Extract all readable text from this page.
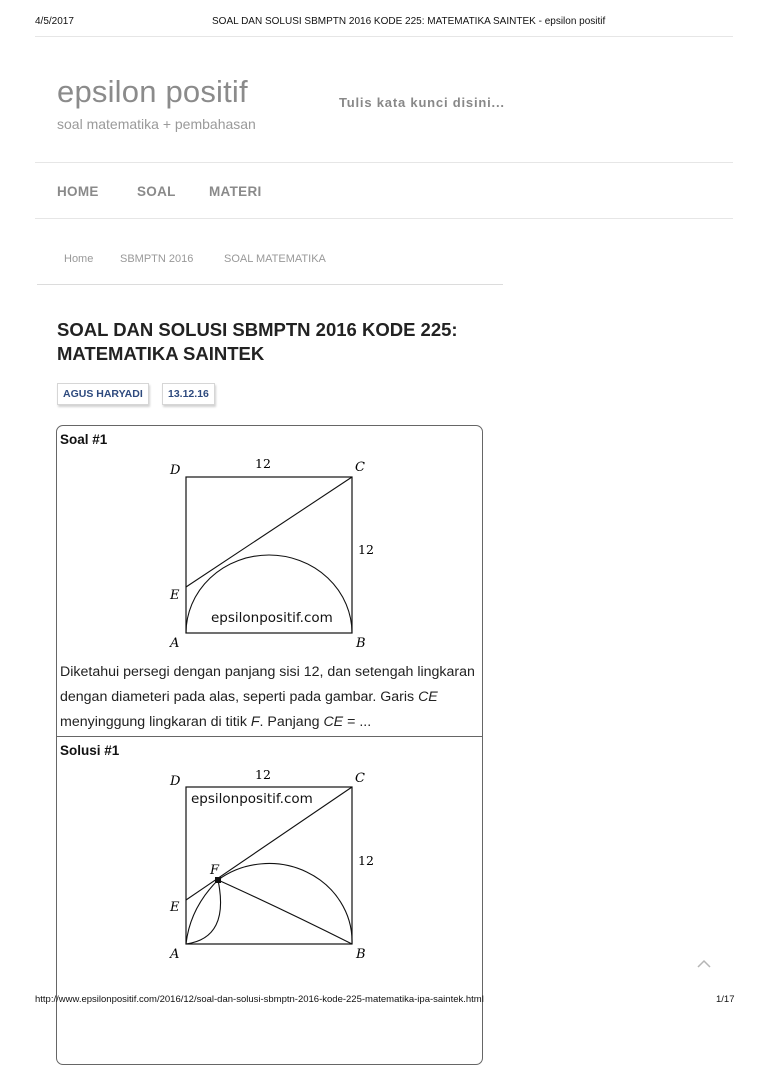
4/5/2017	SOAL DAN SOLUSI SBMPTN 2016 KODE 225: MATEMATIKA SAINTEK - epsilon positif
epsilon positif
soal matematika + pembahasan
Tulis kata kunci disini...
HOME	SOAL MATERI
Home SBMPTN 2016	SOAL MATEMATIKA
SOAL DAN SOLUSI SBMPTN 2016 KODE 225: MATEMATIKA SAINTEK
AGUS HARYADI	13.12.16
Soal #1
12
12
D	C
E
A	B
epsilonpositif.com
Diketahui persegi dengan panjang sisi 12, dan setengah lingkaran dengan diameteri pada alas, seperti pada gambar. Garis CE menyinggung lingkaran di titik F. Panjang CE = ...
Solusi #1
12
12
D	C
E
F
A	B
epsilonpositif.com
http://www.epsilonpositif.com/2016/12/soal-dan-solusi-sbmptn-2016-kode-225-matematika-ipa-saintek.html	1/17
